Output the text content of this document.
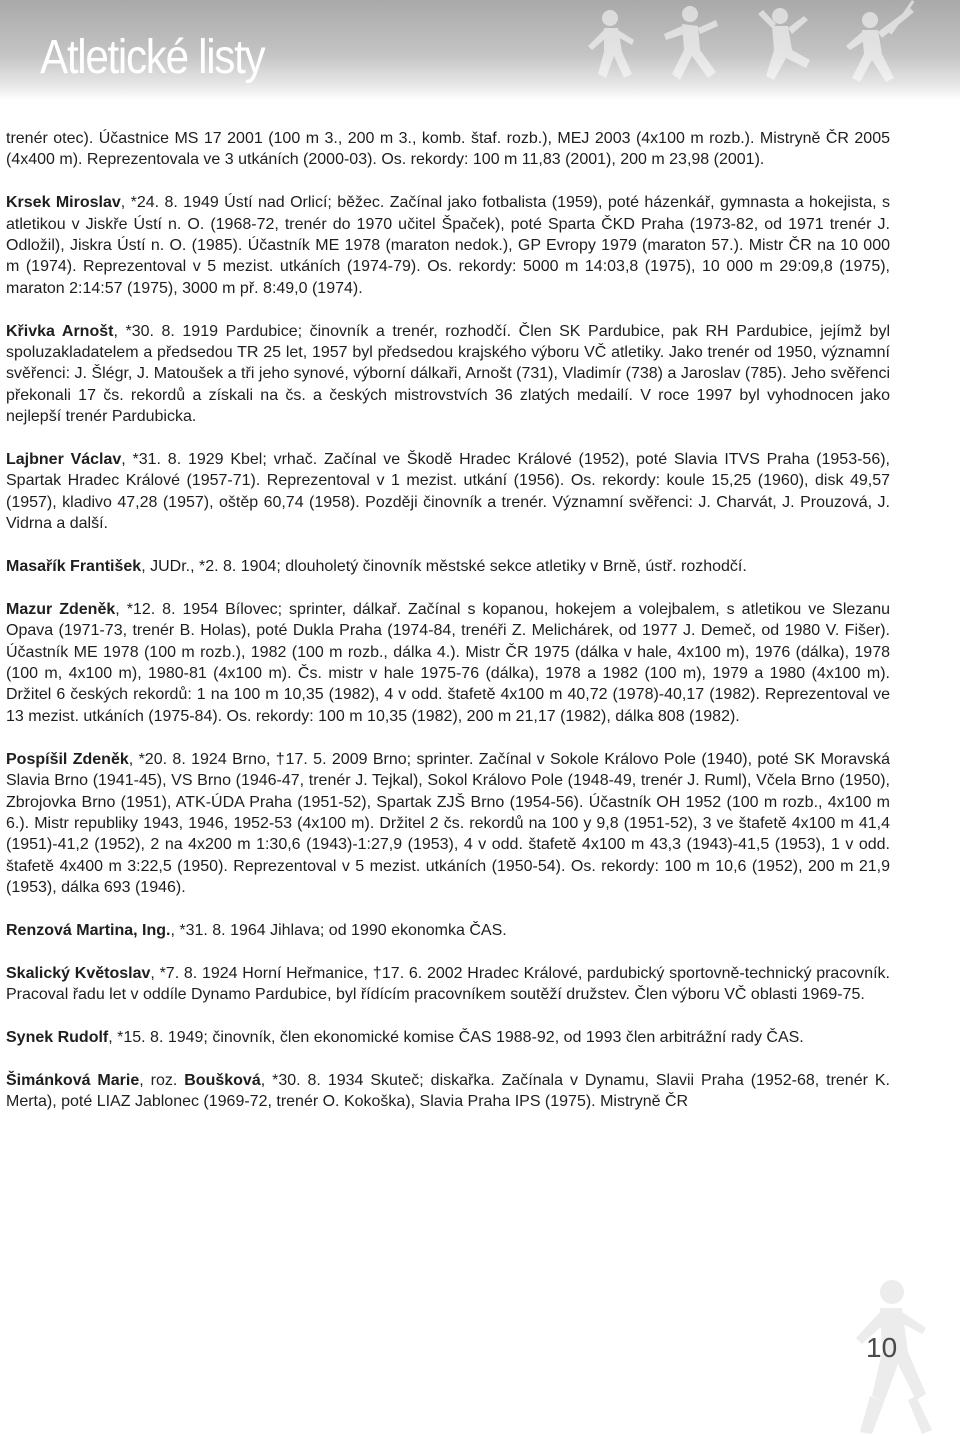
Atletické listy

trenér otec). Účastnice MS 17 2001 (100 m 3., 200 m 3., komb. štaf. rozb.), MEJ 2003 (4x100 m rozb.). Mistryně ČR 2005 (4x400 m). Reprezentovala ve 3 utkáních (2000-03). Os. rekordy: 100 m 11,83 (2001), 200 m 23,98 (2001).

Krsek Miroslav, *24. 8. 1949 Ústí nad Orlicí; běžec. Začínal jako fotbalista (1959), poté házenkář, gymnasta a hokejista, s atletikou v Jiskře Ústí n. O. (1968-72, trenér do 1970 učitel Špaček), poté Sparta ČKD Praha (1973-82, od 1971 trenér J. Odložil), Jiskra Ústí n. O. (1985). Účastník ME 1978 (maraton nedok.), GP Evropy 1979 (maraton 57.). Mistr ČR na 10 000 m (1974). Reprezentoval v 5 mezist. utkáních (1974-79). Os. rekordy: 5000 m 14:03,8 (1975), 10 000 m 29:09,8 (1975), maraton 2:14:57 (1975), 3000 m př. 8:49,0 (1974).

Křivka Arnošt, *30. 8. 1919 Pardubice; činovník a trenér, rozhodčí. Člen SK Pardubice, pak RH Pardubice, jejímž byl spoluzakladatelem a předsedou TR 25 let, 1957 byl předsedou krajského výboru VČ atletiky. Jako trenér od 1950, významní svěřenci: J. Šlégr, J. Matoušek a tři jeho synové, výborní dálkaři, Arnošt (731), Vladimír (738) a Jaroslav (785). Jeho svěřenci překonali 17 čs. rekordů a získali na čs. a českých mistrovstvích 36 zlatých medailí. V roce 1997 byl vyhodnocen jako nejlepší trenér Pardubicka.

Lajbner Václav, *31. 8. 1929 Kbel; vrhač. Začínal ve Škodě Hradec Králové (1952), poté Slavia ITVS Praha (1953-56), Spartak Hradec Králové (1957-71). Reprezentoval v 1 mezist. utkání (1956). Os. rekordy: koule 15,25 (1960), disk 49,57 (1957), kladivo 47,28 (1957), oštěp 60,74 (1958). Později činovník a trenér. Významní svěřenci: J. Charvát, J. Prouzová, J. Vidrna a další.

Masařík František, JUDr., *2. 8. 1904; dlouholetý činovník městské sekce atletiky v Brně, ústř. rozhodčí.

Mazur Zdeněk, *12. 8. 1954 Bílovec; sprinter, dálkař. Začínal s kopanou, hokejem a volejbalem, s atletikou ve Slezanu Opava (1971-73, trenér B. Holas), poté Dukla Praha (1974-84, trenéři Z. Melichárek, od 1977 J. Demeč, od 1980 V. Fišer). Účastník ME 1978 (100 m rozb.), 1982 (100 m rozb., dálka 4.). Mistr ČR 1975 (dálka v hale, 4x100 m), 1976 (dálka), 1978 (100 m, 4x100 m), 1980-81 (4x100 m). Čs. mistr v hale 1975-76 (dálka), 1978 a 1982 (100 m), 1979 a 1980 (4x100 m). Držitel 6 českých rekordů: 1 na 100 m 10,35 (1982), 4 v odd. štafetě 4x100 m 40,72 (1978)-40,17 (1982). Reprezentoval ve 13 mezist. utkáních (1975-84). Os. rekordy: 100 m 10,35 (1982), 200 m 21,17 (1982), dálka 808 (1982).

Pospíšil Zdeněk, *20. 8. 1924 Brno, †17. 5. 2009 Brno; sprinter. Začínal v Sokole Královo Pole (1940), poté SK Moravská Slavia Brno (1941-45), VS Brno (1946-47, trenér J. Tejkal), Sokol Královo Pole (1948-49, trenér J. Ruml), Včela Brno (1950), Zbrojovka Brno (1951), ATK-ÚDA Praha (1951-52), Spartak ZJŠ Brno (1954-56). Účastník OH 1952 (100 m rozb., 4x100 m 6.). Mistr republiky 1943, 1946, 1952-53 (4x100 m). Držitel 2 čs. rekordů na 100 y 9,8 (1951-52), 3 ve štafetě 4x100 m 41,4 (1951)-41,2 (1952), 2 na 4x200 m 1:30,6 (1943)-1:27,9 (1953), 4 v odd. štafetě 4x100 m 43,3 (1943)-41,5 (1953), 1 v odd. štafetě 4x400 m 3:22,5 (1950). Reprezentoval v 5 mezist. utkáních (1950-54). Os. rekordy: 100 m 10,6 (1952), 200 m 21,9 (1953), dálka 693 (1946).

Renzová Martina, Ing., *31. 8. 1964 Jihlava; od 1990 ekonomka ČAS.

Skalický Květoslav, *7. 8. 1924 Horní Heřmanice, †17. 6. 2002 Hradec Králové, pardubický sportovně-technický pracovník. Pracoval řadu let v oddíle Dynamo Pardubice, byl řídícím pracovníkem soutěží družstev. Člen výboru VČ oblasti 1969-75.

Synek Rudolf, *15. 8. 1949; činovník, člen ekonomické komise ČAS 1988-92, od 1993 člen arbitrážní rady ČAS.

Šimánková Marie, roz. Boušková, *30. 8. 1934 Skuteč; diskařka. Začínala v Dynamu, Slavii Praha (1952-68, trenér K. Merta), poté LIAZ Jablonec (1969-72, trenér O. Kokoška), Slavia Praha IPS (1975). Mistryně ČR

10
